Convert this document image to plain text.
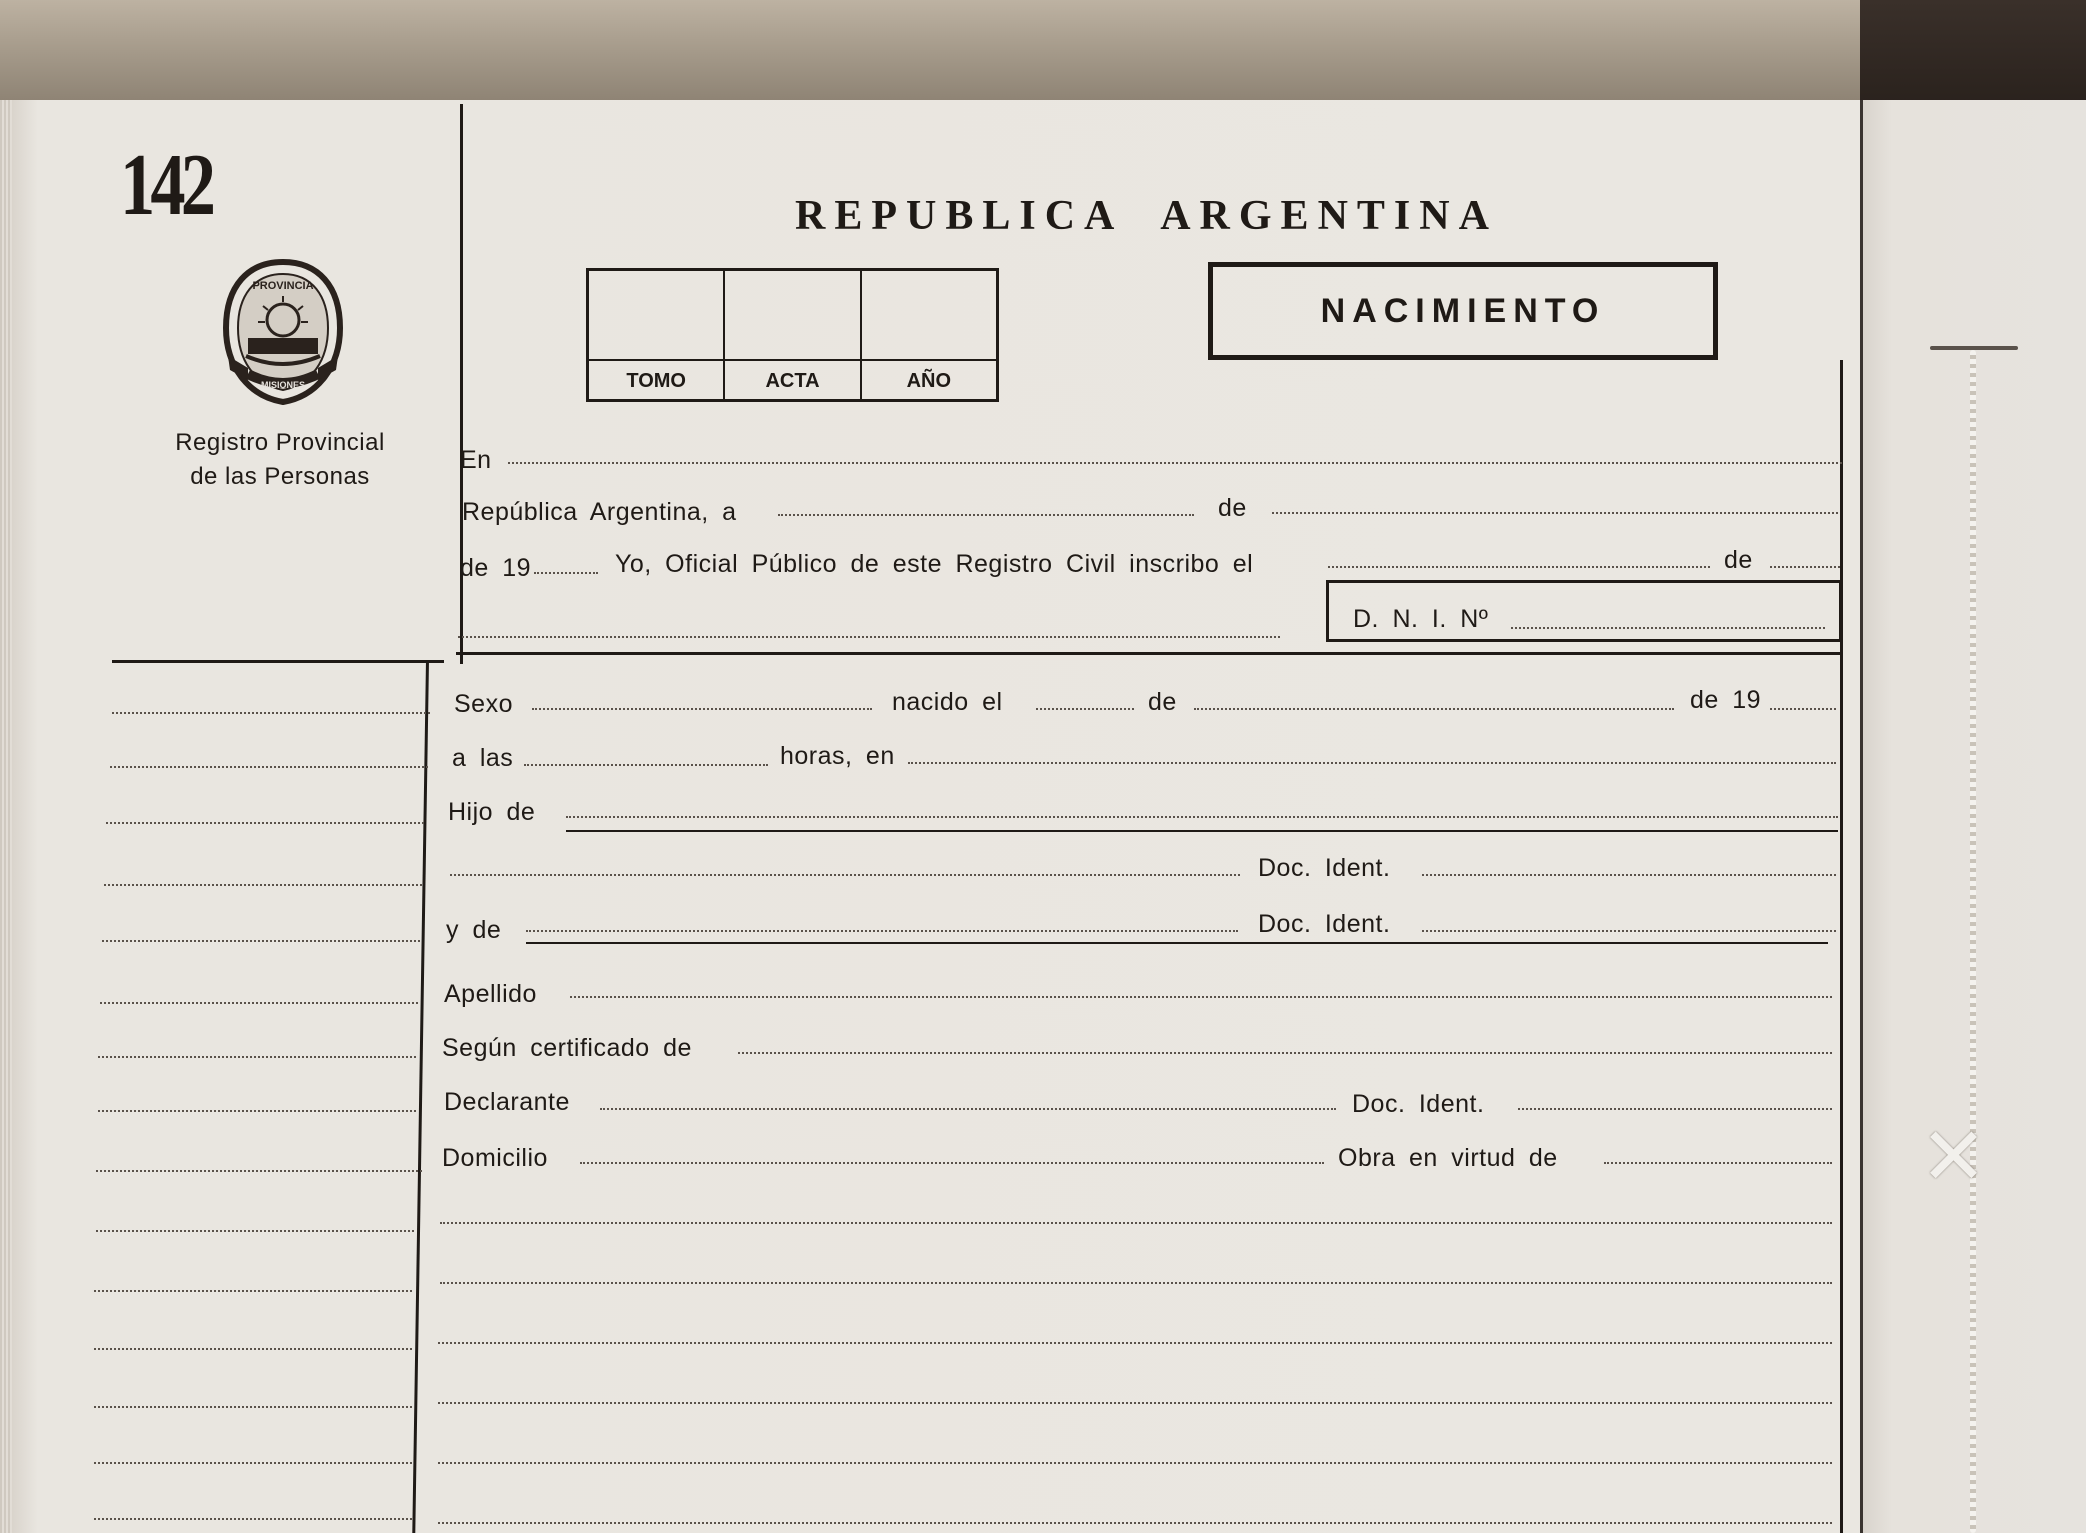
✕
142
PROVINCIA
MISIONES
Registro Provincial
de las Personas
REPUBLICA ARGENTINA
TOMO	ACTA	AÑO
NACIMIENTO
En
República Argentina, a	de
de 19	Yo, Oficial Público de este Registro Civil inscribo el	de
D. N. I. Nº
Sexo	nacido el	de	de 19
a las	horas, en
Hijo de
Doc. Ident.
y de	Doc. Ident.
Apellido
Según certificado de
Declarante	Doc. Ident.
Domicilio	Obra en virtud de
